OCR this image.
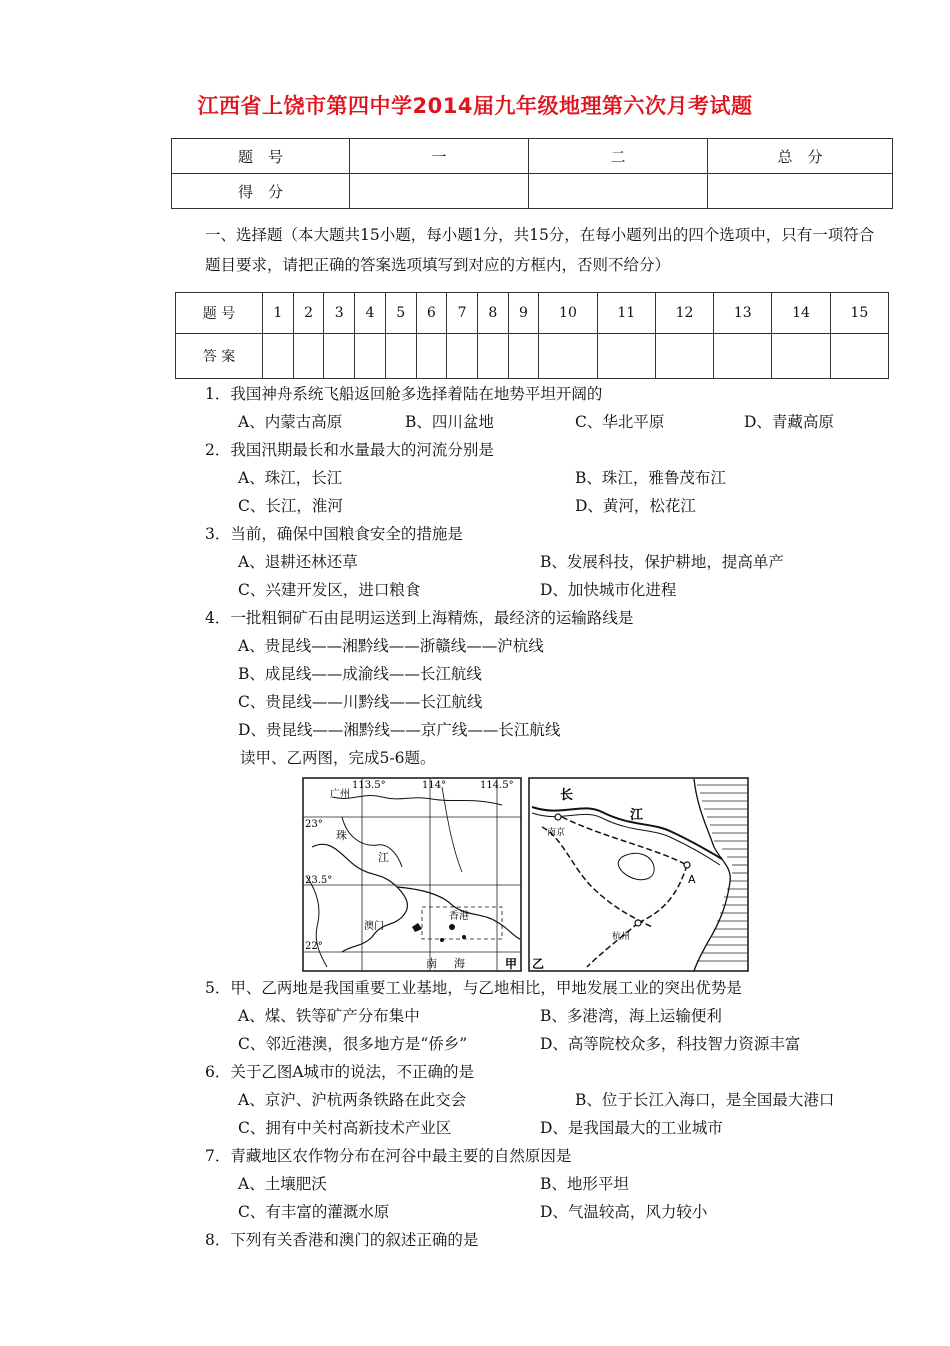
江西省上饶市第四中学2014届九年级地理第六次月考试题
题　号	一	二	总　分
得　分			
一、选择题（本大题共15小题，每小题1分，共15分，在每小题列出的四个选项中，只有一项符合题目要求，请把正确的答案选项填写到对应的方框内，否则不给分）
题 号	1	2	3	4	5	6	7	8	9	10	11	12	13	14	15
答 案															
1．我国神舟系统飞船返回舱多选择着陆在地势平坦开阔的
A、内蒙古高原	B、四川盆地	C、华北平原	D、青藏高原
2．我国汛期最长和水量最大的河流分别是
A、珠江，长江	B、珠江，雅鲁茂布江
C、长江，淮河	D、黄河，松花江
3．当前，确保中国粮食安全的措施是
A、退耕还林还草	B、发展科技，保护耕地，提高单产
C、兴建开发区，进口粮食	D、加快城市化进程
4．一批粗铜矿石由昆明运送到上海精炼，最经济的运输路线是
A、贵昆线——湘黔线——浙赣线——沪杭线
B、成昆线——成渝线——长江航线
C、贵昆线——川黔线——长江航线
D、贵昆线——湘黔线——京广线——长江航线
读甲、乙两图，完成5-6题。
113.5°	114°	114.5°
23°
23.5°
22°
广州
珠
江
澳门
香港
南 海	甲
长
江
南京
杭州
A
乙
5．甲、乙两地是我国重要工业基地，与乙地相比，甲地发展工业的突出优势是
A、煤、铁等矿产分布集中	B、多港湾，海上运输便利
C、邻近港澳，很多地方是“侨乡”	D、高等院校众多，科技智力资源丰富
6．关于乙图A城市的说法，不正确的是
A、京沪、沪杭两条铁路在此交会	B、位于长江入海口，是全国最大港口
C、拥有中关村高新技术产业区	D、是我国最大的工业城市
7．青藏地区农作物分布在河谷中最主要的自然原因是
A、土壤肥沃	B、地形平坦
C、有丰富的灌溉水原	D、气温较高，风力较小
8．下列有关香港和澳门的叙述正确的是
